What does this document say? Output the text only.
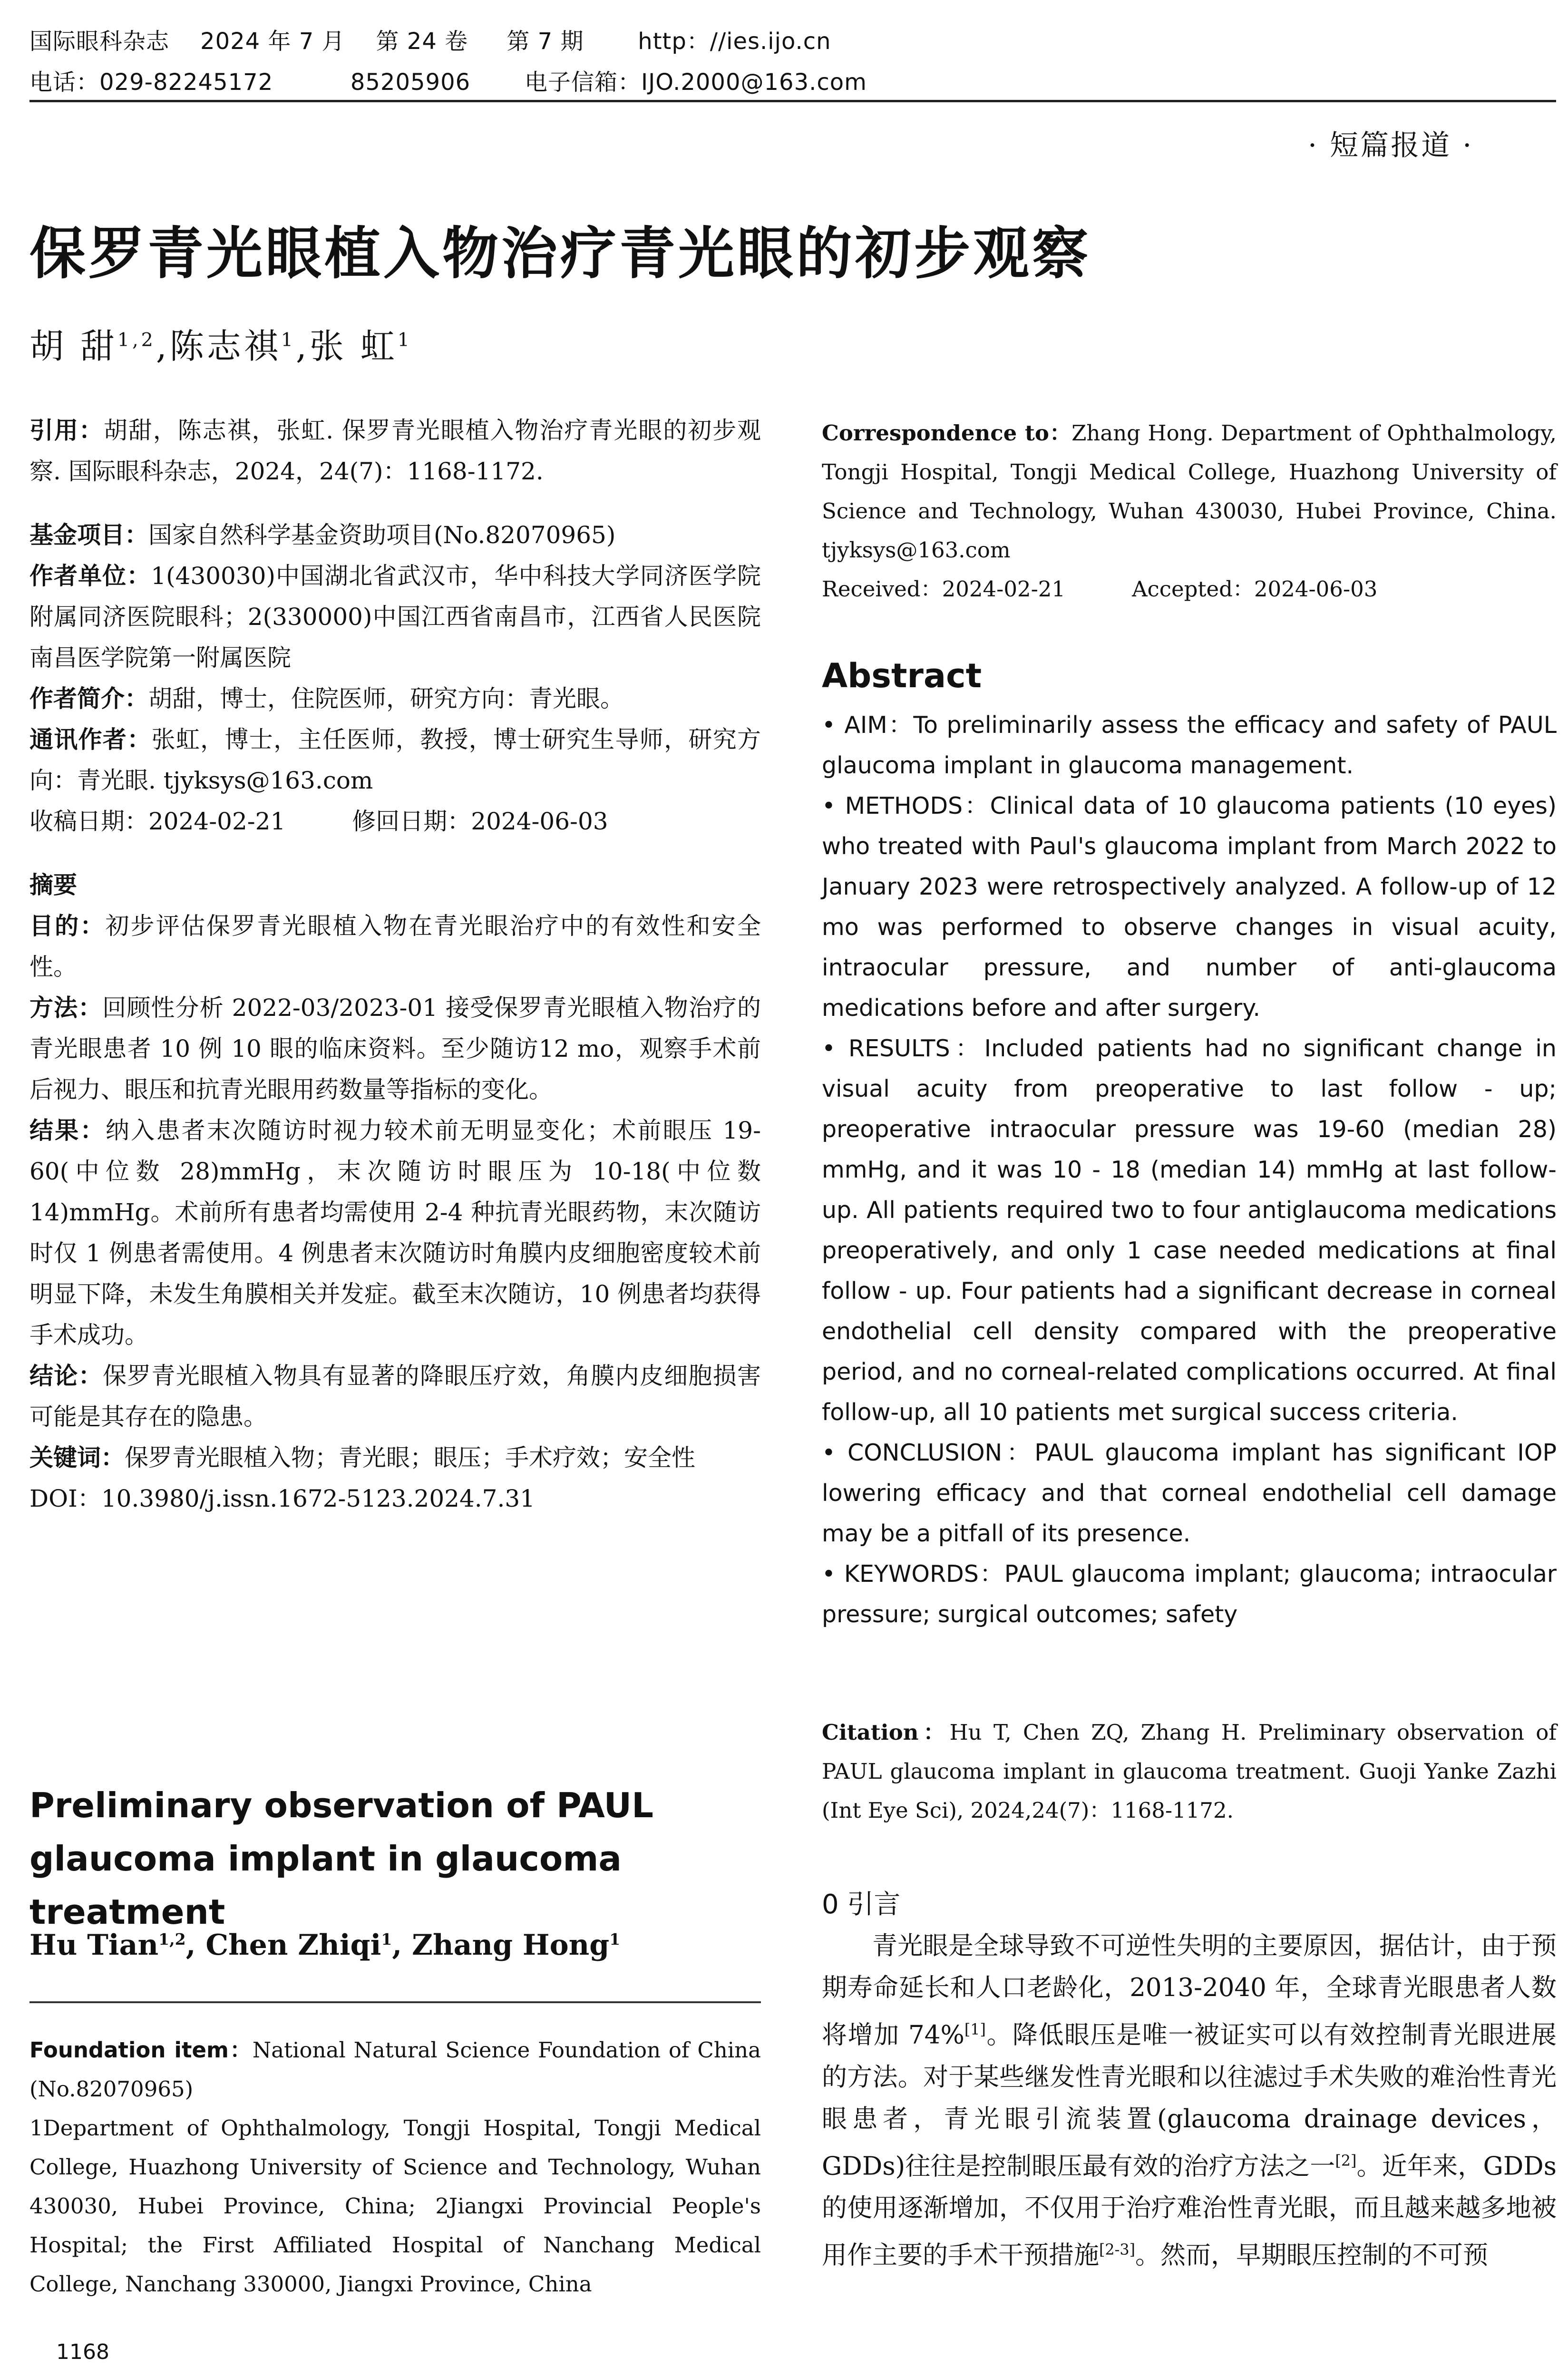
国际眼科杂志    2024 年 7 月    第 24 卷     第 7 期       http：//ies.ijo.cn
电话：029-82245172          85205906       电子信箱：IJO.2000@163.com
· 短篇报道 ·
保罗青光眼植入物治疗青光眼的初步观察
胡 甜$^{1,2}$,陈志祺$^1$,张 虹$^1$

引用：胡甜，陈志祺，张虹. 保罗青光眼植入物治疗青光眼的初步观察. 国际眼科杂志，2024，24(7)：1168-1172.

基金项目：国家自然科学基金资助项目(No.82070965)

作者单位：1(430030)中国湖北省武汉市，华中科技大学同济医学院附属同济医院眼科；2(330000)中国江西省南昌市，江西省人民医院 南昌医学院第一附属医院

作者简介：胡甜，博士，住院医师，研究方向：青光眼。

通讯作者：张虹，博士，主任医师，教授，博士研究生导师，研究方向：青光眼. tjyksys@163.com

收稿日期：2024-02-21	修回日期：2024-06-03

摘要

目的：初步评估保罗青光眼植入物在青光眼治疗中的有效性和安全性。

方法：回顾性分析 2022-03/2023-01 接受保罗青光眼植入物治疗的青光眼患者 10 例 10 眼的临床资料。至少随访12 mo，观察手术前后视力、眼压和抗青光眼用药数量等指标的变化。

结果：纳入患者末次随访时视力较术前无明显变化；术前眼压 19-60(中位数 28)mmHg，末次随访时眼压为 10-18(中位数 14)mmHg。术前所有患者均需使用 2-4 种抗青光眼药物，末次随访时仅 1 例患者需使用。4 例患者末次随访时角膜内皮细胞密度较术前明显下降，未发生角膜相关并发症。截至末次随访，10 例患者均获得手术成功。

结论：保罗青光眼植入物具有显著的降眼压疗效，角膜内皮细胞损害可能是其存在的隐患。

关键词：保罗青光眼植入物；青光眼；眼压；手术疗效；安全性

DOI：10.3980/j.issn.1672-5123.2024.7.31

Preliminary observation of PAUL glaucoma implant in glaucoma treatment
Hu Tian$^{1,2}$, Chen Zhiqi$^1$, Zhang Hong$^1$

Foundation item：National Natural Science Foundation of China (No.82070965)

1Department of Ophthalmology, Tongji Hospital, Tongji Medical College, Huazhong University of Science and Technology, Wuhan 430030, Hubei Province, China; 2Jiangxi Provincial People's Hospital; the First Affiliated Hospital of Nanchang Medical College, Nanchang 330000, Jiangxi Province, China

1168

Correspondence to：Zhang Hong. Department of Ophthalmology, Tongji Hospital, Tongji Medical College, Huazhong University of Science and Technology, Wuhan 430030, Hubei Province, China. tjyksys@163.com

Received：2024-02-21	Accepted：2024-06-03

Abstract

• AIM：To preliminarily assess the efficacy and safety of PAUL glaucoma implant in glaucoma management.

• METHODS：Clinical data of 10 glaucoma patients (10 eyes) who treated with Paul's glaucoma implant from March 2022 to January 2023 were retrospectively analyzed. A follow-up of 12 mo was performed to observe changes in visual acuity, intraocular pressure, and number of anti-glaucoma medications before and after surgery.

• RESULTS：Included patients had no significant change in visual acuity from preoperative to last follow - up; preoperative intraocular pressure was 19-60 (median 28) mmHg, and it was 10 - 18 (median 14) mmHg at last follow-up. All patients required two to four antiglaucoma medications preoperatively, and only 1 case needed medications at final follow - up. Four patients had a significant decrease in corneal endothelial cell density compared with the preoperative period, and no corneal-related complications occurred. At final follow-up, all 10 patients met surgical success criteria.

• CONCLUSION：PAUL glaucoma implant has significant IOP lowering efficacy and that corneal endothelial cell damage may be a pitfall of its presence.

• KEYWORDS：PAUL glaucoma implant; glaucoma; intraocular pressure; surgical outcomes; safety

Citation：Hu T, Chen ZQ, Zhang H. Preliminary observation of PAUL glaucoma implant in glaucoma treatment. Guoji Yanke Zazhi (Int Eye Sci), 2024,24(7)：1168-1172.

0 引言
青光眼是全球导致不可逆性失明的主要原因，据估计，由于预期寿命延长和人口老龄化，2013-2040 年，全球青光眼患者人数将增加 74%[1]。降低眼压是唯一被证实可以有效控制青光眼进展的方法。对于某些继发性青光眼和以往滤过手术失败的难治性青光眼患者，青光眼引流装置(glaucoma drainage devices，GDDs)往往是控制眼压最有效的治疗方法之一[2]。近年来，GDDs 的使用逐渐增加，不仅用于治疗难治性青光眼，而且越来越多地被用作主要的手术干预措施[2-3]。然而，早期眼压控制的不可预
